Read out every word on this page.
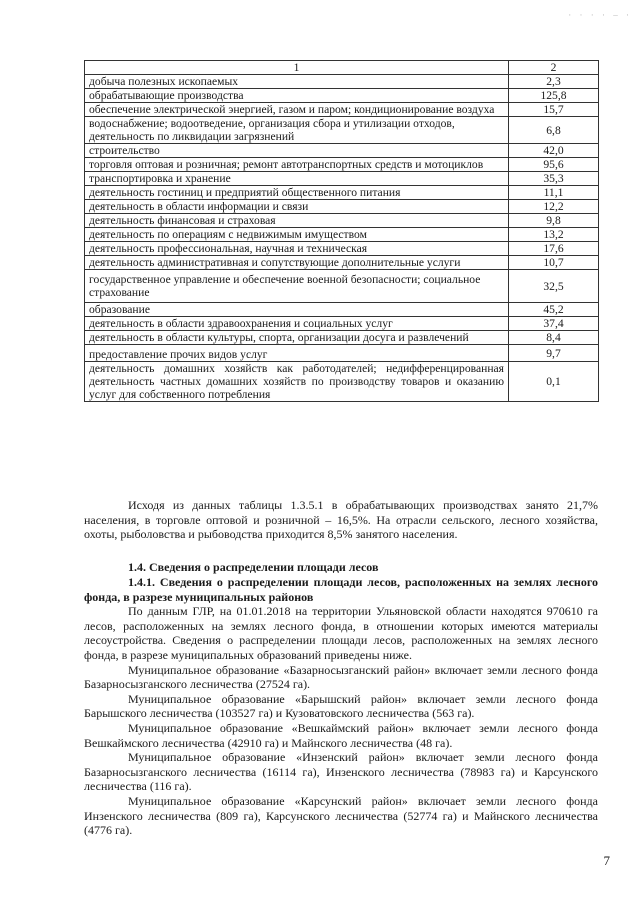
· · · · – ·
1	2
добыча полезных ископаемых	2,3
обрабатывающие производства	125,8
обеспечение электрической энергией, газом и паром; кондиционирование воздуха	15,7
водоснабжение; водоотведение, организация сбора и утилизации отходов, деятельность по ликвидации загрязнений	6,8
строительство	42,0
торговля оптовая и розничная; ремонт автотранспортных средств и мотоциклов	95,6
транспортировка и хранение	35,3
деятельность гостиниц и предприятий общественного питания	11,1
деятельность в области информации и связи	12,2
деятельность финансовая и страховая	9,8
деятельность по операциям с недвижимым имуществом	13,2
деятельность профессиональная, научная и техническая	17,6
деятельность административная и сопутствующие дополнительные услуги	10,7
государственное управление и обеспечение военной безопасности; социальное страхование	32,5
образование	45,2
деятельность в области здравоохранения и социальных услуг	37,4
деятельность в области культуры, спорта, организации досуга и развлечений	8,4
предоставление прочих видов услуг	9,7
деятельность домашних хозяйств как работодателей; недифференцированная деятельность частных домашних хозяйств по производству товаров и оказанию услуг для собственного потребления	0,1

Исходя из данных таблицы 1.3.5.1 в обрабатывающих производствах занято 21,7% населения, в торговле оптовой и розничной – 16,5%. На отрасли сельского, лесного хозяйства, охоты, рыболовства и рыбоводства приходится 8,5% занятого населения.

1.4. Сведения о распределении площади лесов

1.4.1. Сведения о распределении площади лесов, расположенных на землях лесного фонда, в разрезе муниципальных районов

По данным ГЛР, на 01.01.2018 на территории Ульяновской области находятся 970610 га лесов, расположенных на землях лесного фонда, в отношении которых имеются материалы лесоустройства. Сведения о распределении площади лесов, расположенных на землях лесного фонда, в разрезе муниципальных образований приведены ниже.

Муниципальное образование «Базарносызганский район» включает земли лесного фонда Базарносызганского лесничества (27524 га).

Муниципальное образование «Барышский район» включает земли лесного фонда Барышского лесничества (103527 га) и Кузоватовского лесничества (563 га).

Муниципальное образование «Вешкаймский район» включает земли лесного фонда Вешкаймского лесничества (42910 га) и Майнского лесничества (48 га).

Муниципальное образование «Инзенский район» включает земли лесного фонда Базарносызганского лесничества (16114 га), Инзенского лесничества (78983 га) и Карсунского лесничества (116 га).

Муниципальное образование «Карсунский район» включает земли лесного фонда Инзенского лесничества (809 га), Карсунского лесничества (52774 га) и Майнского лесничества (4776 га).

7
